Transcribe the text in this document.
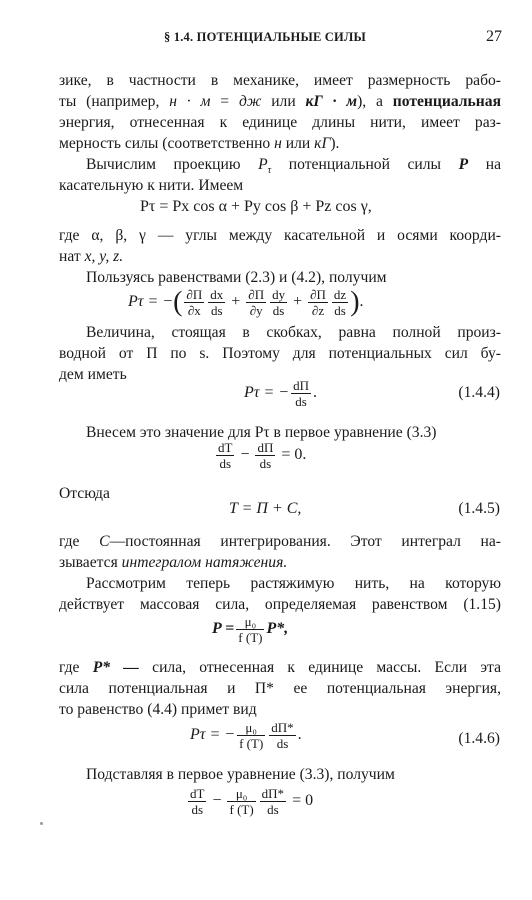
§ 1.4. ПОТЕНЦИАЛЬНЫЕ СИЛЫ	27
зике, в частности в механике, имеет размерность рабо-
ты (например, н · м = дж или кГ · м), а потенциальная
энергия, отнесенная к единице длины нити, имеет раз-
мерность силы (соответственно н или кГ).
Вычислим проекцию $P_\tau$ потенциальной силы P на
касательную к нити. Имеем
Pτ = Px cos α + Py cos β + Pz cos γ,
где α, β, γ — углы между касательной и осями коорди-
нат x, y, z.
Пользуясь равенствами (2.3) и (4.2), получим
Pτ = −( $\frac{\partial П}{\partial x} \frac{dx}{ds} + \frac{\partial П}{\partial y} \frac{dy}{ds} + \frac{\partial П}{\partial z} \frac{dz}{ds}$ ).
Величина, стоящая в скобках, равна полной произ-
водной от П по s. Поэтому для потенциальных сил бу-
дем иметь
Pτ = − $\frac{dП}{ds}$ .	(1.4.4)
Внесем это значение для Pτ в первое уравнение (3.3)
$\frac{dT}{ds} - \frac{dП}{ds} = 0$.
Отсюда
T = П + C,	(1.4.5)
где C—постоянная интегрирования. Этот интеграл на-
зывается интегралом натяжения.
Рассмотрим теперь растяжимую нить, на которую
действует массовая сила, определяемая равенством (1.15)
$P = \frac{\text{μ₀}}{f (T)} P*$,
где P* — сила, отнесенная к единице массы. Если эта
сила потенциальная и П* ее потенциальная энергия,
то равенство (4.4) примет вид
Pτ = − $\frac{\text{μ₀}}{f (T)} \frac{dП*}{ds}$ .	(1.4.6)
Подставляя в первое уравнение (3.3), получим
$\frac{dT}{ds} - \frac{\text{μ₀}}{f (T)} \frac{dП*}{ds} = 0$
